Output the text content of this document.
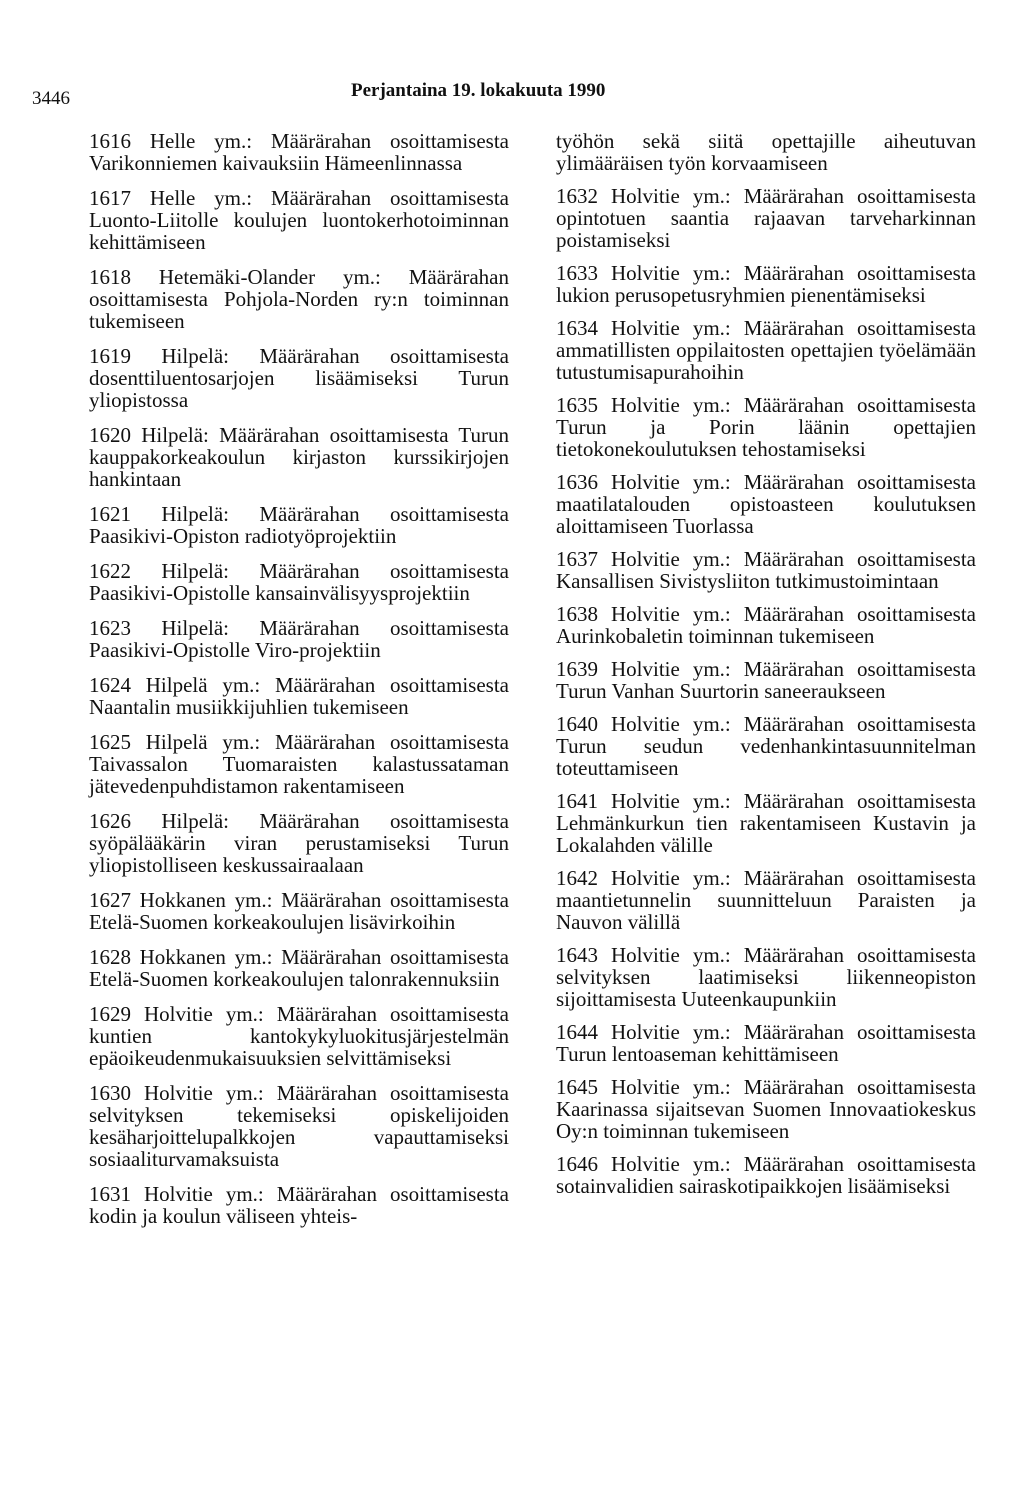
3446	Perjantaina 19. lokakuuta 1990

1616 Helle ym.: Määrärahan osoittamisesta Varikonniemen kaivauksiin Hämeenlinnassa

1617 Helle ym.: Määrärahan osoittamisesta Luonto-Liitolle koulujen luontokerhotoiminnan kehittämiseen

1618 Hetemäki-Olander ym.: Määrärahan osoittamisesta Pohjola-Norden ry:n toiminnan tukemiseen

1619 Hilpelä: Määrärahan osoittamisesta dosenttiluentosarjojen lisäämiseksi Turun yliopistossa

1620 Hilpelä: Määrärahan osoittamisesta Turun kauppakorkeakoulun kirjaston kurssikirjojen hankintaan

1621 Hilpelä: Määrärahan osoittamisesta Paasikivi-Opiston radiotyöprojektiin

1622 Hilpelä: Määrärahan osoittamisesta Paasikivi-Opistolle kansainvälisyysprojektiin

1623 Hilpelä: Määrärahan osoittamisesta Paasikivi-Opistolle Viro-projektiin

1624 Hilpelä ym.: Määrärahan osoittamisesta Naantalin musiikkijuhlien tukemiseen

1625 Hilpelä ym.: Määrärahan osoittamisesta Taivassalon Tuomaraisten kalastussataman jätevedenpuhdistamon rakentamiseen

1626 Hilpelä: Määrärahan osoittamisesta syöpälääkärin viran perustamiseksi Turun yliopistolliseen keskussairaalaan

1627 Hokkanen ym.: Määrärahan osoittamisesta Etelä-Suomen korkeakoulujen lisävirkoihin

1628 Hokkanen ym.: Määrärahan osoittamisesta Etelä-Suomen korkeakoulujen talonrakennuksiin

1629 Holvitie ym.: Määrärahan osoittamisesta kuntien kantokykyluokitusjärjestelmän epäoikeudenmukaisuuksien selvittämiseksi

1630 Holvitie ym.: Määrärahan osoittamisesta selvityksen tekemiseksi opiskelijoiden kesäharjoittelupalkkojen vapauttamiseksi sosiaaliturvamaksuista

1631 Holvitie ym.: Määrärahan osoittamisesta kodin ja koulun väliseen yhteis-

työhön sekä siitä opettajille aiheutuvan ylimääräisen työn korvaamiseen

1632 Holvitie ym.: Määrärahan osoittamisesta opintotuen saantia rajaavan tarveharkinnan poistamiseksi

1633 Holvitie ym.: Määrärahan osoittamisesta lukion perusopetusryhmien pienentämiseksi

1634 Holvitie ym.: Määrärahan osoittamisesta ammatillisten oppilaitosten opettajien työelämään tutustumisapurahoihin

1635 Holvitie ym.: Määrärahan osoittamisesta Turun ja Porin läänin opettajien tietokonekoulutuksen tehostamiseksi

1636 Holvitie ym.: Määrärahan osoittamisesta maatilatalouden opistoasteen koulutuksen aloittamiseen Tuorlassa

1637 Holvitie ym.: Määrärahan osoittamisesta Kansallisen Sivistysliiton tutkimustoimintaan

1638 Holvitie ym.: Määrärahan osoittamisesta Aurinkobaletin toiminnan tukemiseen

1639 Holvitie ym.: Määrärahan osoittamisesta Turun Vanhan Suurtorin saneeraukseen

1640 Holvitie ym.: Määrärahan osoittamisesta Turun seudun vedenhankintasuunnitelman toteuttamiseen

1641 Holvitie ym.: Määrärahan osoittamisesta Lehmänkurkun tien rakentamiseen Kustavin ja Lokalahden välille

1642 Holvitie ym.: Määrärahan osoittamisesta maantietunnelin suunnitteluun Paraisten ja Nauvon välillä

1643 Holvitie ym.: Määrärahan osoittamisesta selvityksen laatimiseksi liikenneopiston sijoittamisesta Uuteenkaupunkiin

1644 Holvitie ym.: Määrärahan osoittamisesta Turun lentoaseman kehittämiseen

1645 Holvitie ym.: Määrärahan osoittamisesta Kaarinassa sijaitsevan Suomen Innovaatiokeskus Oy:n toiminnan tukemiseen

1646 Holvitie ym.: Määrärahan osoittamisesta sotainvalidien sairaskotipaikkojen lisäämiseksi
